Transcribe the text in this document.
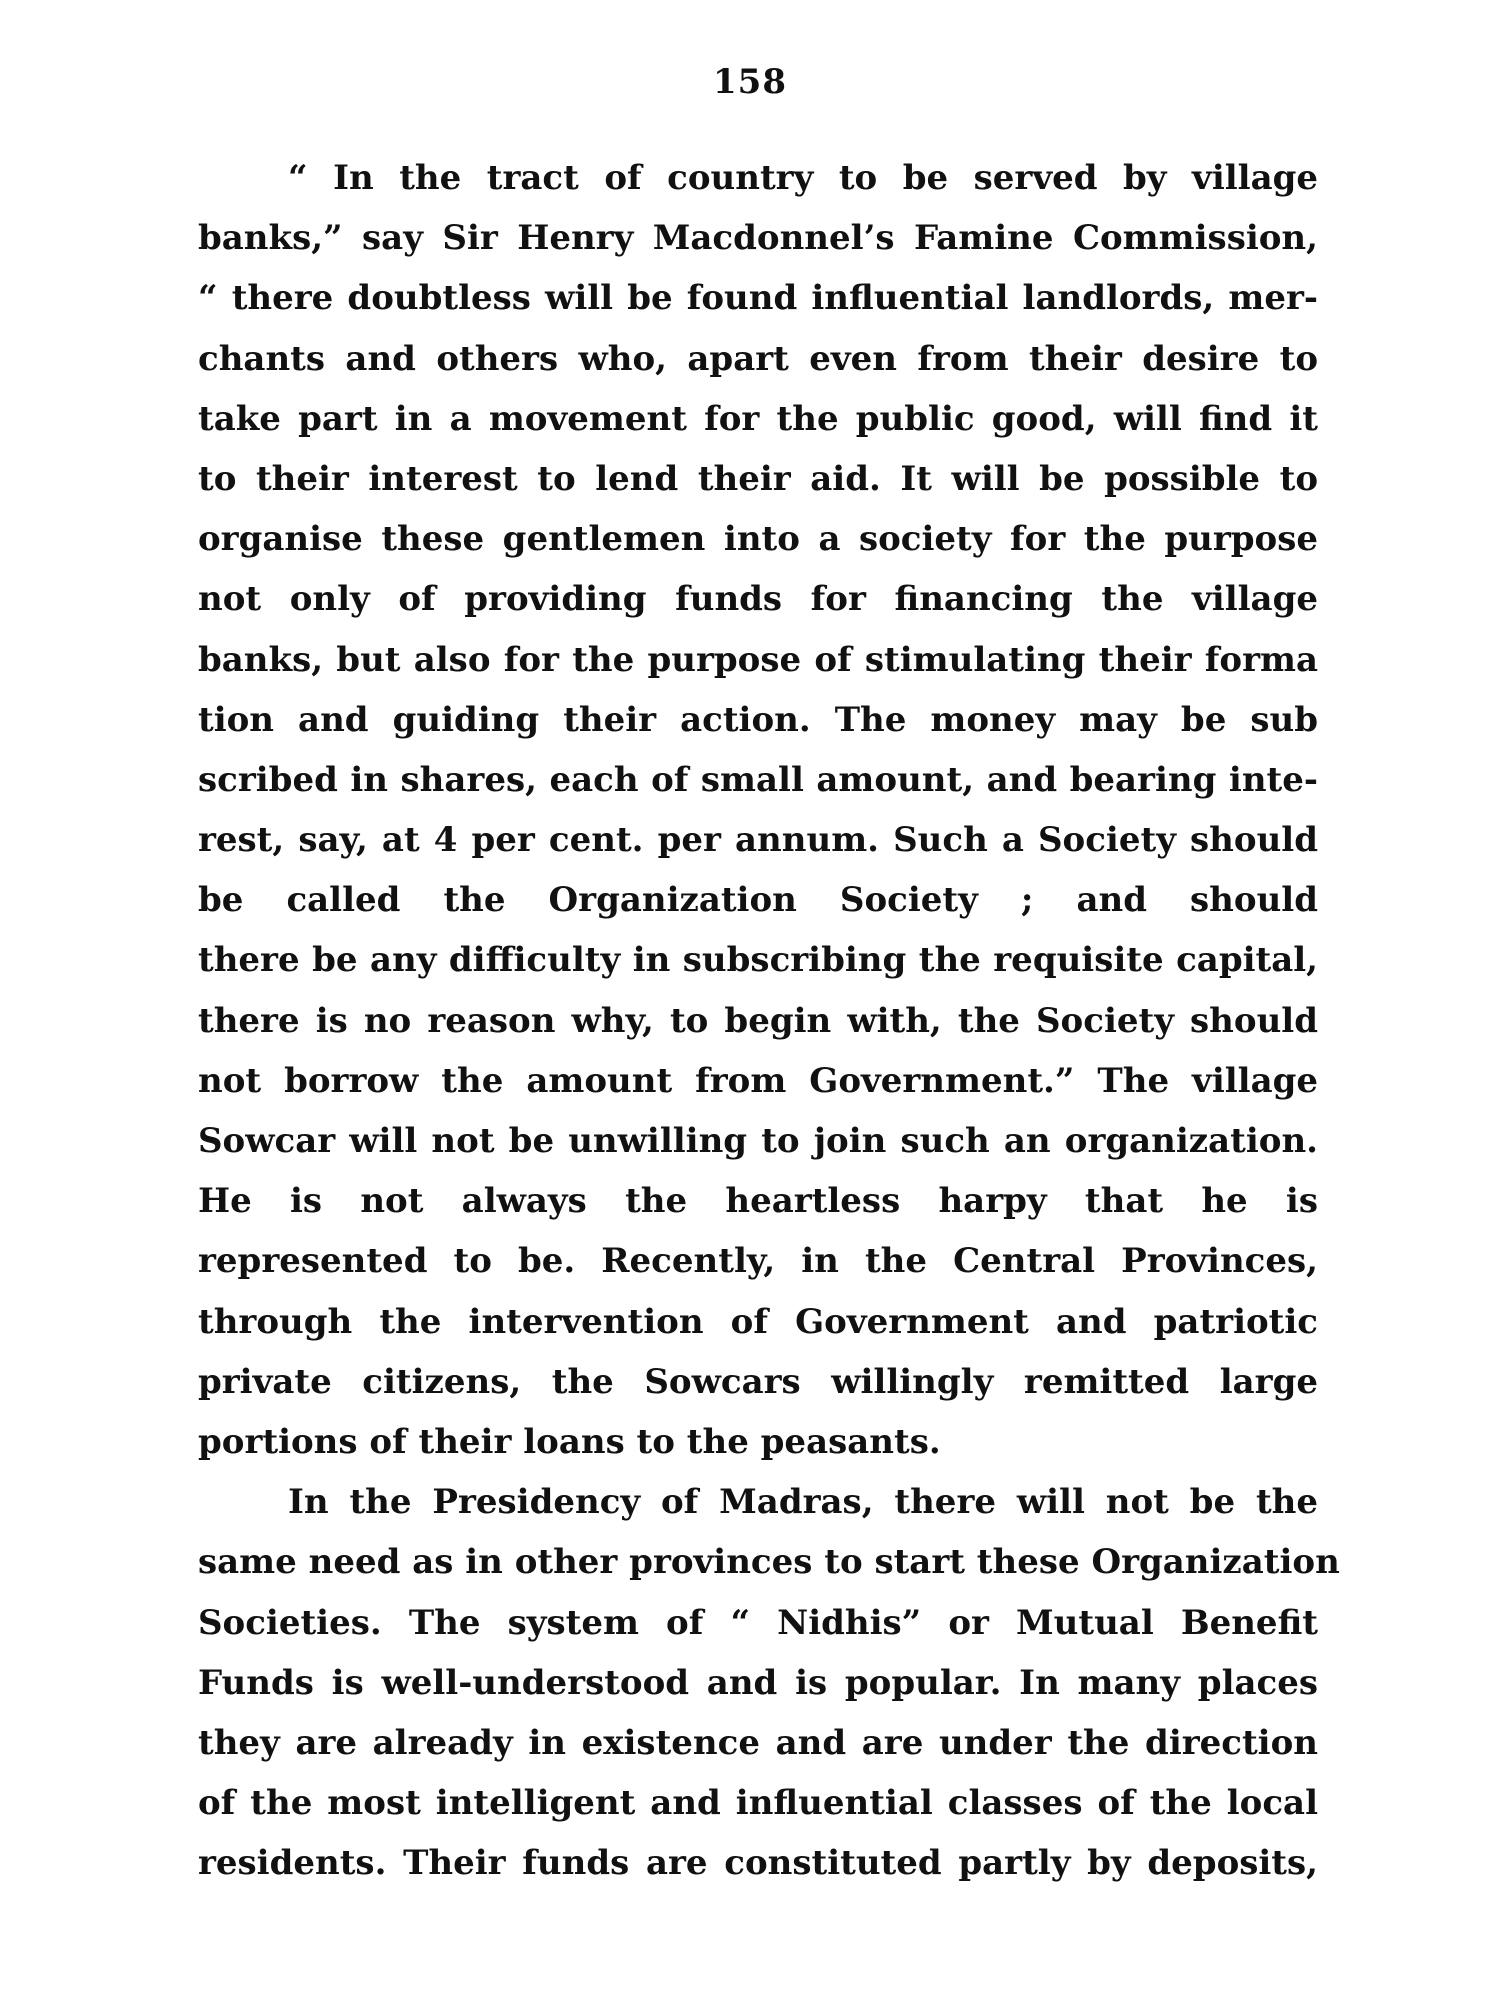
158
“ In the tract of country to be served by village
banks,” say Sir Henry Macdonnel’s Famine Commission,
“ there doubtless will be found influential landlords, mer-
chants and others who, apart even from their desire to
take part in a movement for the public good, will find it
to their interest to lend their aid. It will be possible to
organise these gentlemen into a society for the purpose
not only of providing funds for financing the village
banks, but also for the purpose of stimulating their forma
tion and guiding their action. The money may be sub
scribed in shares, each of small amount, and bearing inte-
rest, say, at 4 per cent. per annum. Such a Society should
be called the Organization Society ; and should
there be any difficulty in subscribing the requisite capital,
there is no reason why, to begin with, the Society should
not borrow the amount from Government.” The village
Sowcar will not be unwilling to join such an organization.
He is not always the heartless harpy that he is
represented to be. Recently, in the Central Provinces,
through the intervention of Government and patriotic
private citizens, the Sowcars willingly remitted large
portions of their loans to the peasants.
In the Presidency of Madras, there will not be the
same need as in other provinces to start these Organization
Societies. The system of “ Nidhis” or Mutual Benefit
Funds is well-understood and is popular. In many places
they are already in existence and are under the direction
of the most intelligent and influential classes of the local
residents. Their funds are constituted partly by deposits,
